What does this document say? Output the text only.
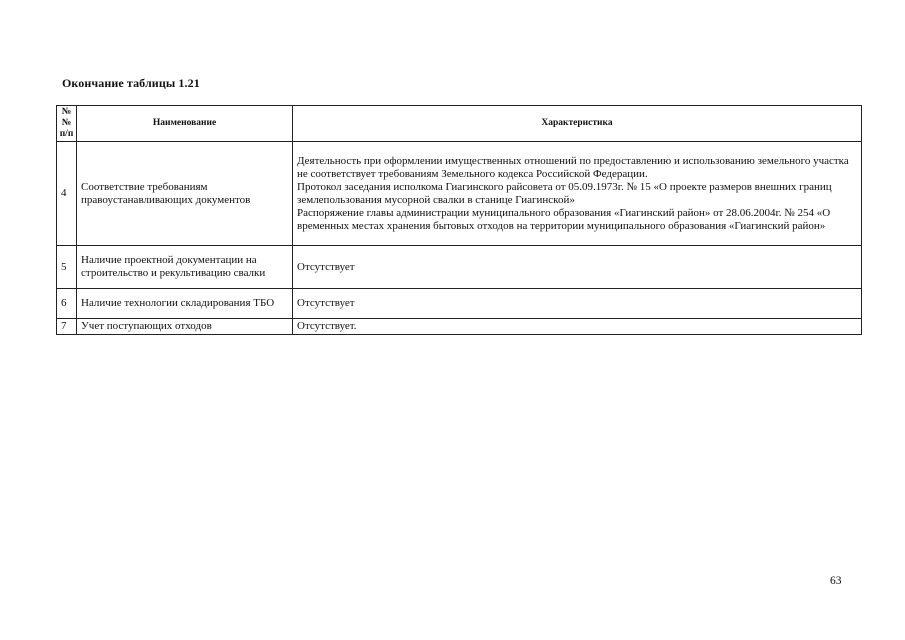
Окончание таблицы 1.21
№№ п/п	Наименование	Характеристика
4	Соответствие требованиям правоустанавливающих документов	Деятельность при оформлении имущественных отношений по предоставлению и использованию земельного участка не соответствует требованиям Земельного кодекса Российской Федерации.
Протокол заседания исполкома Гиагинского райсовета от 05.09.1973г. № 15 «О проекте размеров внешних границ землепользования мусорной свалки в станице Гиагинской»
Распоряжение главы администрации муниципального образования «Гиагинский район» от 28.06.2004г. № 254 «О временных местах хранения бытовых отходов на территории муниципального образования «Гиагинский район»

5	Наличие проектной документации на строительство и рекультивацию свалки	Отсутствует
6	Наличие технологии складирования ТБО	Отсутствует
7	Учет поступающих отходов	Отсутствует.
63
